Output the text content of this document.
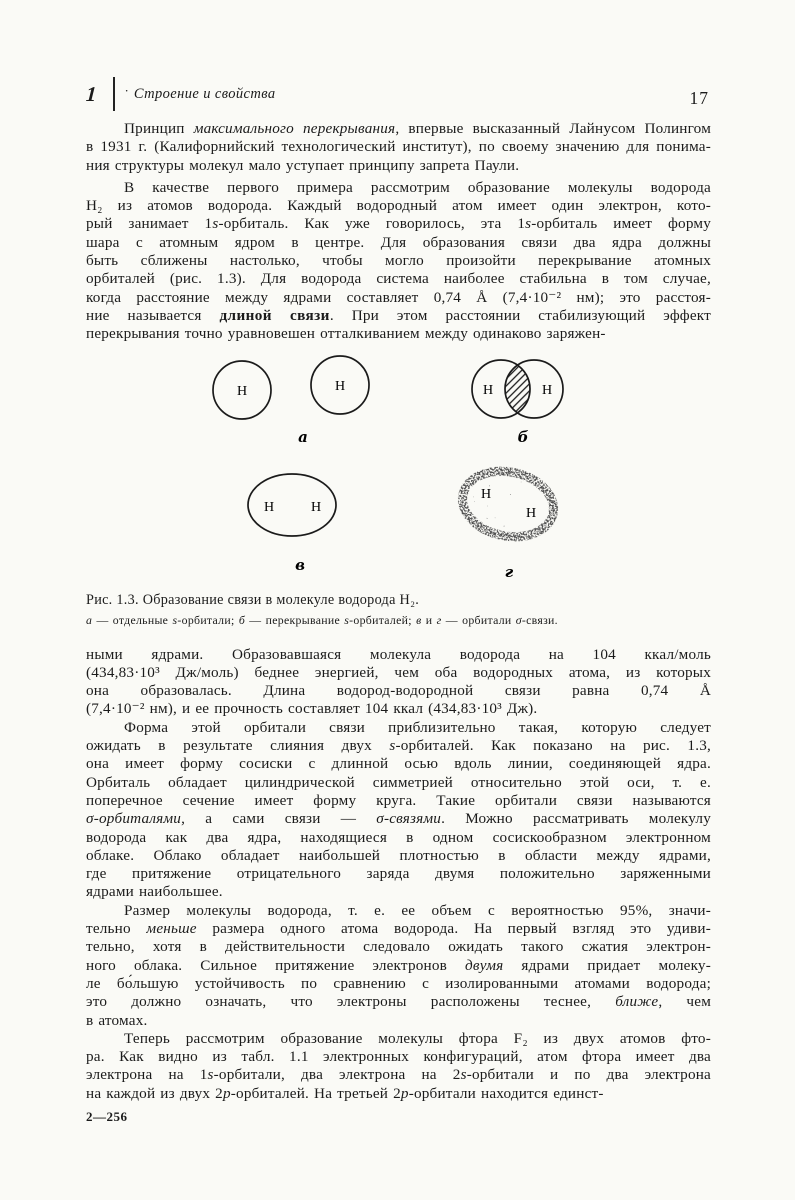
1 · Строение и свойства	17
Принцип максимального перекрывания, впервые высказанный Лайнусом Полингом
в 1931 г. (Калифорнийский технологический институт), по своему значению для понима-
ния структуры молекул мало уступает принципу запрета Паули.
В качестве первого примера рассмотрим образование молекулы водорода
H₂ из атомов водорода. Каждый водородный атом имеет один электрон, кото-
рый занимает 1s-орбиталь. Как уже говорилось, эта 1s-орбиталь имеет форму
шара с атомным ядром в центре. Для образования связи два ядра должны
быть сближены настолько, чтобы могло произойти перекрывание атомных
орбиталей (рис. 1.3). Для водорода система наиболее стабильна в том случае,
когда расстояние между ядрами составляет 0,74 Å (7,4·10⁻² нм); это расстоя-
ние называется длиной связи. При этом расстоянии стабилизующий эффект
перекрывания точно уравновешен отталкиванием между одинаково заряжен-
H	H
а
H	H
б
H	H
в
H
H
г
Рис. 1.3. Образование связи в молекуле водорода H₂.
а — отдельные s-орбитали; б — перекрывание s-орбиталей; в и г — орбитали σ-связи.
ными ядрами. Образовавшаяся молекула водорода на 104 ккал/моль
(434,83·10³ Дж/моль) беднее энергией, чем оба водородных атома, из которых
она образовалась. Длина водород-водородной связи равна 0,74 Å
(7,4·10⁻² нм), и ее прочность составляет 104 ккал (434,83·10³ Дж).
Форма этой орбитали связи приблизительно такая, которую следует
ожидать в результате слияния двух s-орбиталей. Как показано на рис. 1.3,
она имеет форму сосиски с длинной осью вдоль линии, соединяющей ядра.
Орбиталь обладает цилиндрической симметрией относительно этой оси, т. е.
поперечное сечение имеет форму круга. Такие орбитали связи называются
σ-орбиталями, а сами связи — σ-связями. Можно рассматривать молекулу
водорода как два ядра, находящиеся в одном сосискообразном электронном
облаке. Облако обладает наибольшей плотностью в области между ядрами,
где притяжение отрицательного заряда двумя положительно заряженными
ядрами наибольшее.
Размер молекулы водорода, т. е. ее объем с вероятностью 95%, значи-
тельно меньше размера одного атома водорода. На первый взгляд это удиви-
тельно, хотя в действительности следовало ожидать такого сжатия электрон-
ного облака. Сильное притяжение электронов двумя ядрами придает молеку-
ле бо́льшую устойчивость по сравнению с изолированными атомами водорода;
это должно означать, что электроны расположены теснее, ближе, чем
в атомах.
Теперь рассмотрим образование молекулы фтора F₂ из двух атомов фто-
ра. Как видно из табл. 1.1 электронных конфигураций, атом фтора имеет два
электрона на 1s-орбитали, два электрона на 2s-орбитали и по два электрона
на каждой из двух 2p-орбиталей. На третьей 2p-орбитали находится единст-
2—256
